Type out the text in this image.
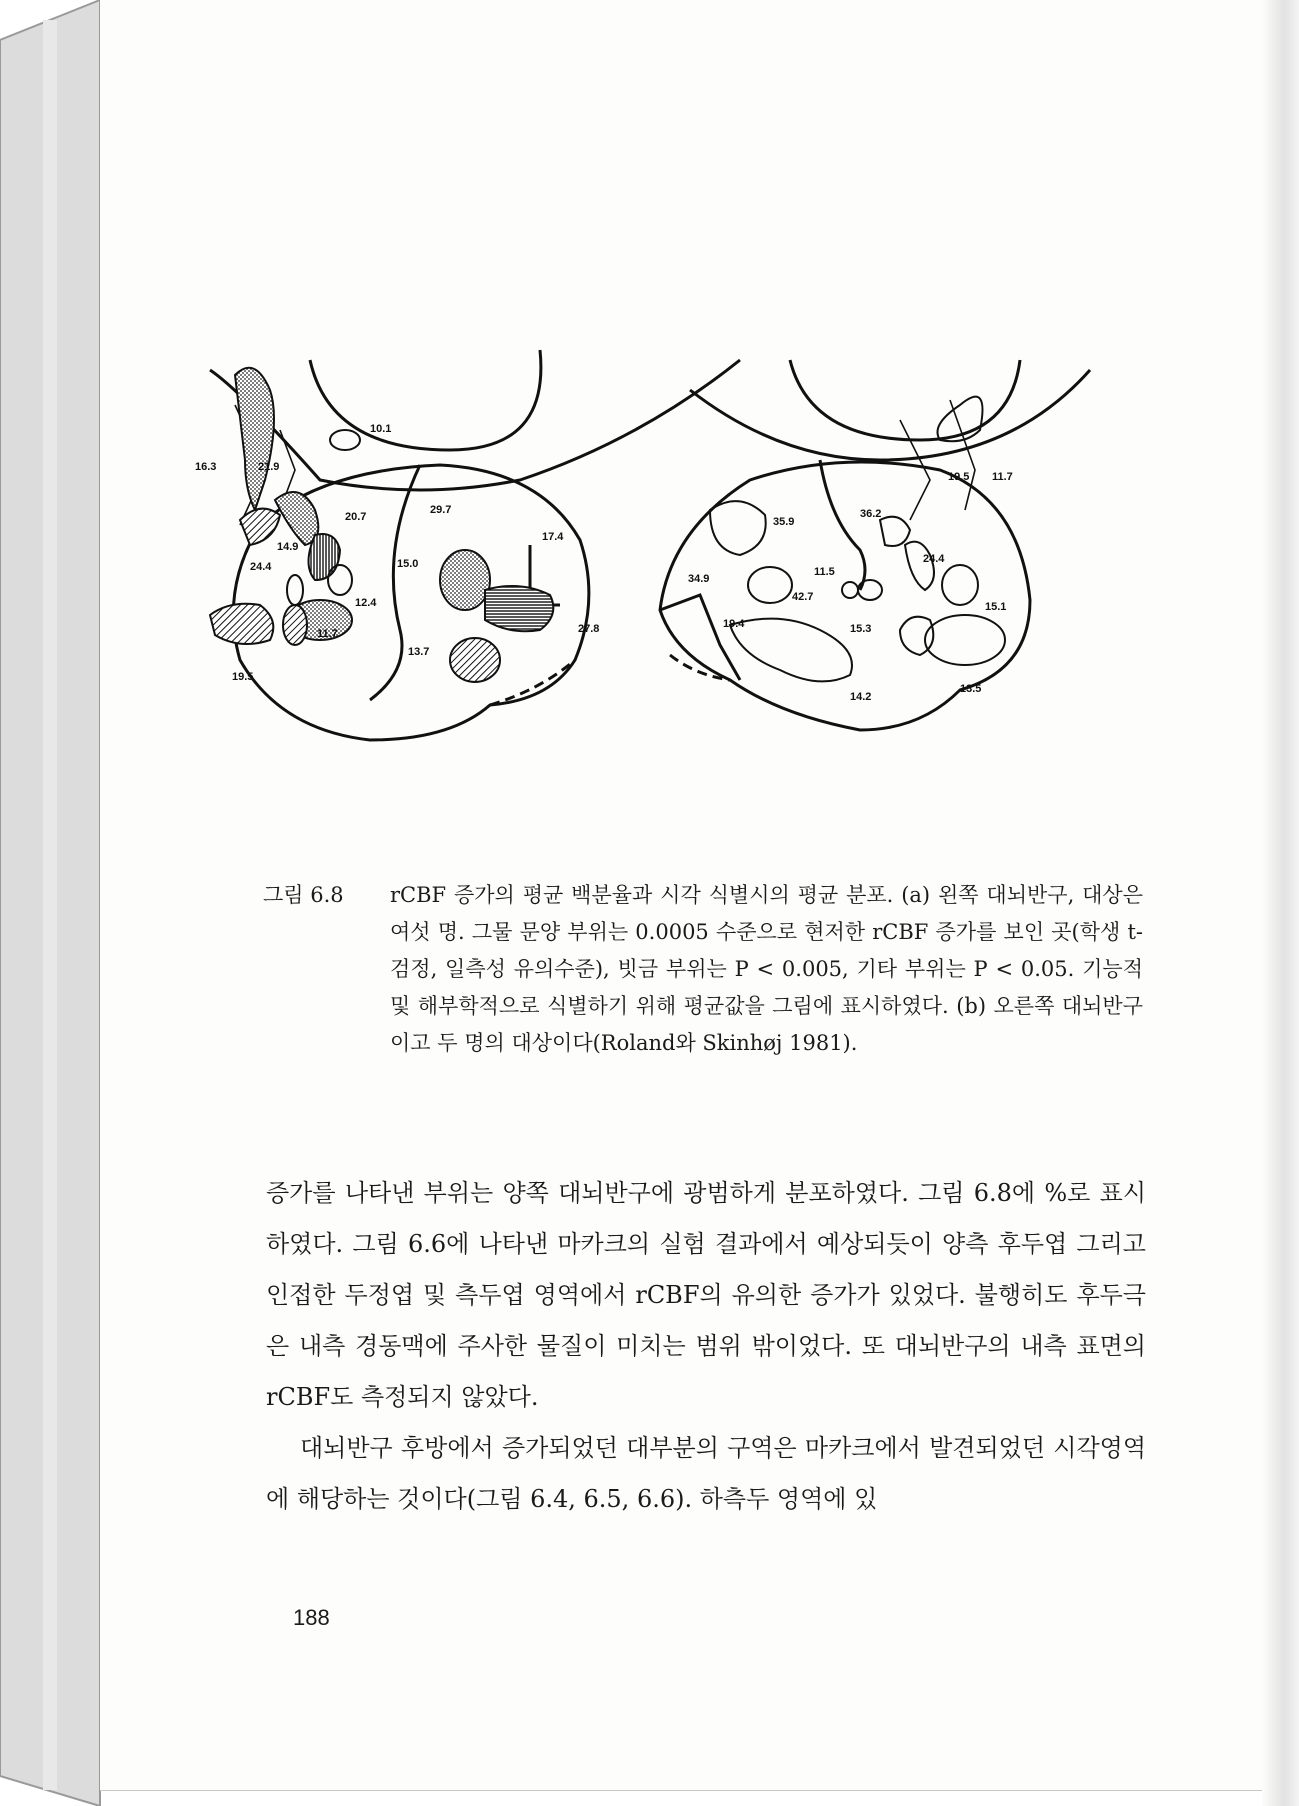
10.1
16.3	21.9
29.7
20.7
17.4
14.9
24.4	15.0
12.4
27.8
11.7
13.7
19.5
19.5 11.7
35.9
36.2
24.4
34.9
11.5
42.7
15.1
19.4	15.3
13.5
14.2
그림 6.8	rCBF 증가의 평균 백분율과 시각 식별시의 평균 분포. (a) 왼쪽 대뇌반구, 대상은 여섯 명. 그물 문양 부위는 0.0005 수준으로 현저한 rCBF 증가를 보인 곳(학생 t-검정, 일측성 유의수준), 빗금 부위는 P < 0.005, 기타 부위는 P < 0.05. 기능적 및 해부학적으로 식별하기 위해 평균값을 그림에 표시하였다. (b) 오른쪽 대뇌반구 이고 두 명의 대상이다(Roland와 Skinhøj 1981).

증가를 나타낸 부위는 양쪽 대뇌반구에 광범하게 분포하였다. 그림 6.8에 %로 표시하였다. 그림 6.6에 나타낸 마카크의 실험 결과에서 예상되듯이 양측 후두엽 그리고 인접한 두정엽 및 측두엽 영역에서 rCBF의 유의한 증가가 있었다. 불행히도 후두극은 내측 경동맥에 주사한 물질이 미치는 범위 밖이었다. 또 대뇌반구의 내측 표면의 rCBF도 측정되지 않았다.

대뇌반구 후방에서 증가되었던 대부분의 구역은 마카크에서 발견되었던 시각영역에 해당하는 것이다(그림 6.4, 6.5, 6.6). 하측두 영역에 있

188
